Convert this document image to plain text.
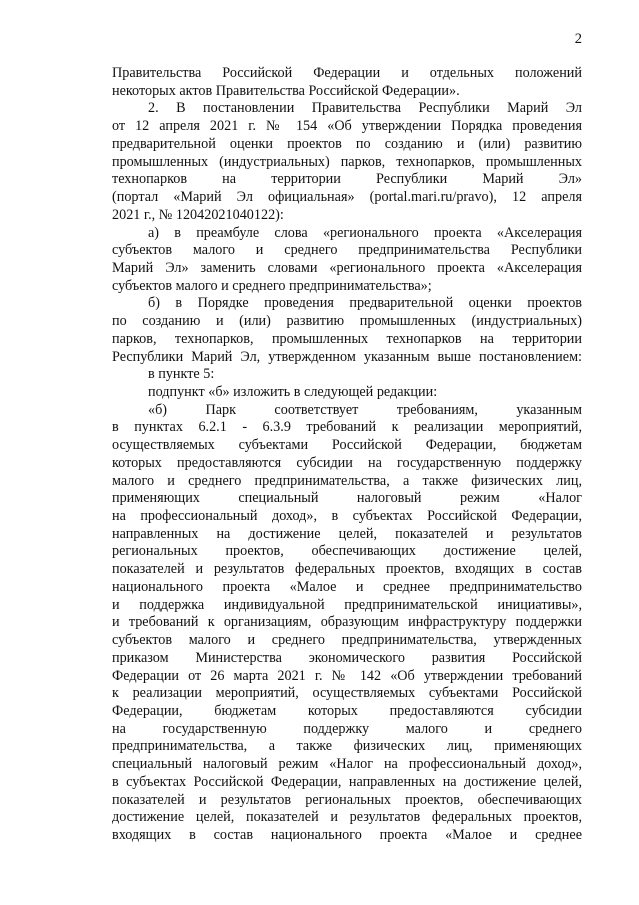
2
Правительства Российской Федерации и отдельных положений
некоторых актов Правительства Российской Федерации».
2. В постановлении Правительства Республики Марий Эл
от 12 апреля 2021 г. № 154 «Об утверждении Порядка проведения
предварительной оценки проектов по созданию и (или) развитию
промышленных (индустриальных) парков, технопарков, промышленных
технопарков на территории Республики Марий Эл»
(портал «Марий Эл официальная» (portal.mari.ru/pravo), 12 апреля
2021 г., № 12042021040122):
а) в преамбуле слова «регионального проекта «Акселерация
субъектов малого и среднего предпринимательства Республики
Марий Эл» заменить словами «регионального проекта «Акселерация
субъектов малого и среднего предпринимательства»;
б) в Порядке проведения предварительной оценки проектов
по созданию и (или) развитию промышленных (индустриальных)
парков, технопарков, промышленных технопарков на территории
Республики Марий Эл, утвержденном указанным выше постановлением:
в пункте 5:
подпункт «б» изложить в следующей редакции:
«б) Парк соответствует требованиям, указанным
в пунктах 6.2.1 - 6.3.9 требований к реализации мероприятий,
осуществляемых субъектами Российской Федерации, бюджетам
которых предоставляются субсидии на государственную поддержку
малого и среднего предпринимательства, а также физических лиц,
применяющих специальный налоговый режим «Налог
на профессиональный доход», в субъектах Российской Федерации,
направленных на достижение целей, показателей и результатов
региональных проектов, обеспечивающих достижение целей,
показателей и результатов федеральных проектов, входящих в состав
национального проекта «Малое и среднее предпринимательство
и поддержка индивидуальной предпринимательской инициативы»,
и требований к организациям, образующим инфраструктуру поддержки
субъектов малого и среднего предпринимательства, утвержденных
приказом Министерства экономического развития Российской
Федерации от 26 марта 2021 г. № 142 «Об утверждении требований
к реализации мероприятий, осуществляемых субъектами Российской
Федерации, бюджетам которых предоставляются субсидии
на государственную поддержку малого и среднего
предпринимательства, а также физических лиц, применяющих
специальный налоговый режим «Налог на профессиональный доход»,
в субъектах Российской Федерации, направленных на достижение целей,
показателей и результатов региональных проектов, обеспечивающих
достижение целей, показателей и результатов федеральных проектов,
входящих в состав национального проекта «Малое и среднее
